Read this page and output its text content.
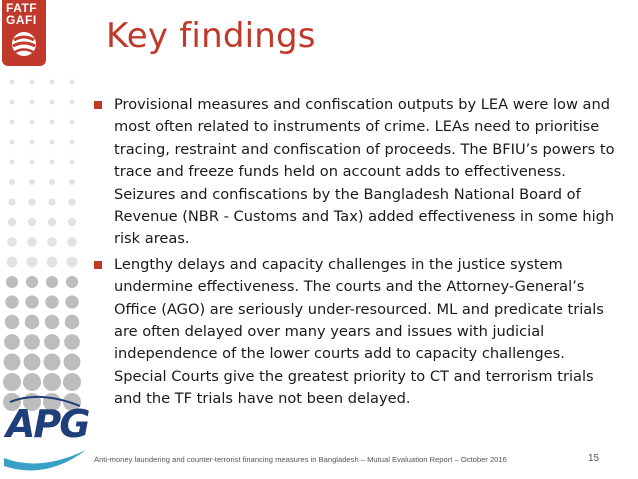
FATF
GAFI Key findings
Provisional measures and confiscation outputs by LEA were low and most often related to instruments of crime. LEAs need to prioritise tracing, restraint and confiscation of proceeds. The BFIU’s powers to trace and freeze funds held on account adds to effectiveness. Seizures and confiscations by the Bangladesh National Board of Revenue (NBR - Customs and Tax) added effectiveness in some high risk areas.
Lengthy delays and capacity challenges in the justice system undermine effectiveness. The courts and the Attorney-General’s Office (AGO) are seriously under-resourced. ML and predicate trials are often delayed over many years and issues with judicial independence of the lower courts add to capacity challenges. Special Courts give the greatest priority to CT and terrorism trials and the TF trials have not been delayed.
APG
Anti-money laundering and counter-terrorist financing measures in Bangladesh – Mutual Evaluation Report – October 2016	15
